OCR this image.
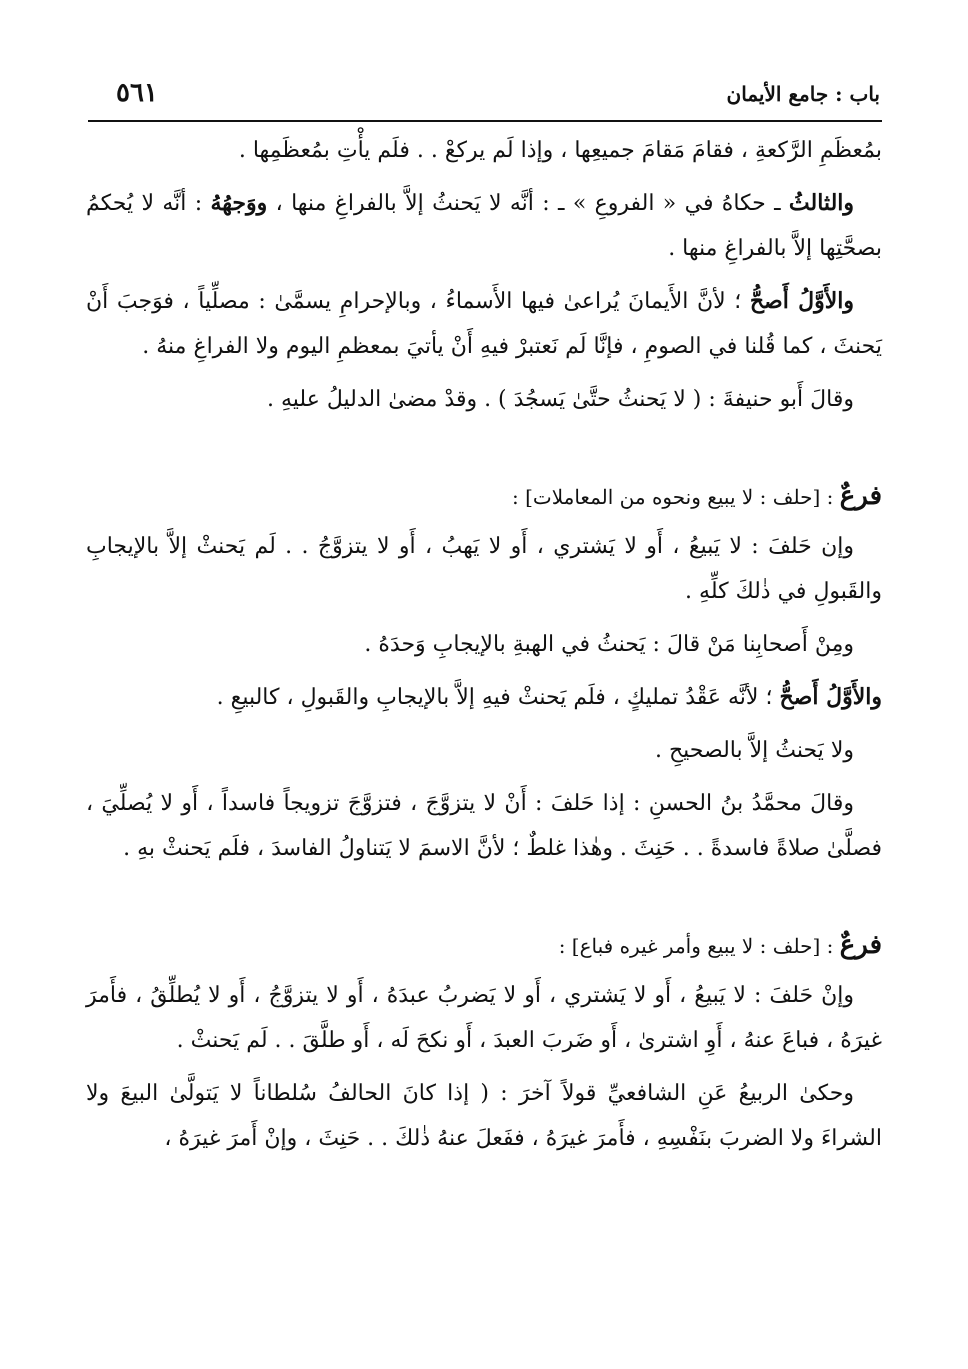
باب : جامع الأيمان
٥٦١

بمُعظَمِ الرَّكعةِ ، فقامَ مَقامَ جميعِها ، وإذا لَم يركعْ . . فلَم يأْتِ بمُعظَمِها .

والثالثُ ـ حكاهُ في « الفروعِ » ـ : أنَّه لا يَحنثُ إلاَّ بالفراغِ منها ، ووَجهُهُ : أنَّه لا يُحكمُ بصحَّتِها إلاَّ بالفراغِ منها .

والأَوَّلُ أَصحُّ ؛ لأنَّ الأَيمانَ يُراعىٰ فيها الأَسماءُ ، وبالإحرامِ يسمَّىٰ : مصلِّياً ، فوَجبَ أَنْ يَحنثَ ، كما قُلنا في الصومِ ، فإنَّا لَم نَعتبرْ فيهِ أَنْ يأتيَ بمعظمِ اليوم ولا الفراغِ منهُ .

وقالَ أَبو حنيفةَ : ( لا يَحنثُ حتَّىٰ يَسجُدَ ) . وقدْ مضىٰ الدليلُ عليهِ .

فرعٌ : [حلف : لا يبيع ونحوه من المعاملات] :

وإن حَلفَ : لا يَبيعُ ، أَو لا يَشتري ، أَو لا يَهبُ ، أَو لا يتزوَّجُ . . لَم يَحنثْ إلاَّ بالإيجابِ والقَبولِ في ذٰلكَ كلِّهِ .

ومِنْ أَصحابِنا مَنْ قالَ : يَحنثُ في الهبةِ بالإيجابِ وَحدَهُ .

والأَوَّلُ أَصحُّ ؛ لأنَّه عَقْدُ تمليكٍ ، فلَم يَحنثْ فيهِ إلاَّ بالإيجابِ والقَبولِ ، كالبيعِ .

ولا يَحنثُ إلاَّ بالصحيحِ .

وقالَ محمَّدُ بنُ الحسنِ : إذا حَلفَ : أَنْ لا يتزوَّجَ ، فتزوَّجَ تزويجاً فاسداً ، أَو لا يُصلِّيَ ، فصلَّىٰ صلاةً فاسدةً . . حَنِثَ . وهٰذا غلطٌ ؛ لأنَّ الاسمَ لا يَتناولُ الفاسدَ ، فلَم يَحنثْ بهِ .

فرعٌ : [حلف : لا يبيع وأمر غيره فباع] :

وإنْ حَلفَ : لا يَبيعُ ، أَو لا يَشتري ، أَو لا يَضربُ عبدَهُ ، أَو لا يتزوَّجُ ، أَو لا يُطلِّقُ ، فأَمرَ غيرَهُ ، فباعَ عنهُ ، أَوِ اشترىٰ ، أَو ضَربَ العبدَ ، أَو نكحَ لَه ، أَو طلَّقَ . . لَم يَحنثْ .

وحكىٰ الربيعُ عَنِ الشافعيِّ قولاً آخرَ : ( إذا كانَ الحالفُ سُلطاناً لا يَتولَّىٰ البيعَ ولا الشراءَ ولا الضربَ بنَفْسِهِ ، فأَمرَ غيرَهُ ، ففَعلَ عنهُ ذٰلكَ . . حَنِثَ ، وإنْ أَمرَ غيرَهُ ،
